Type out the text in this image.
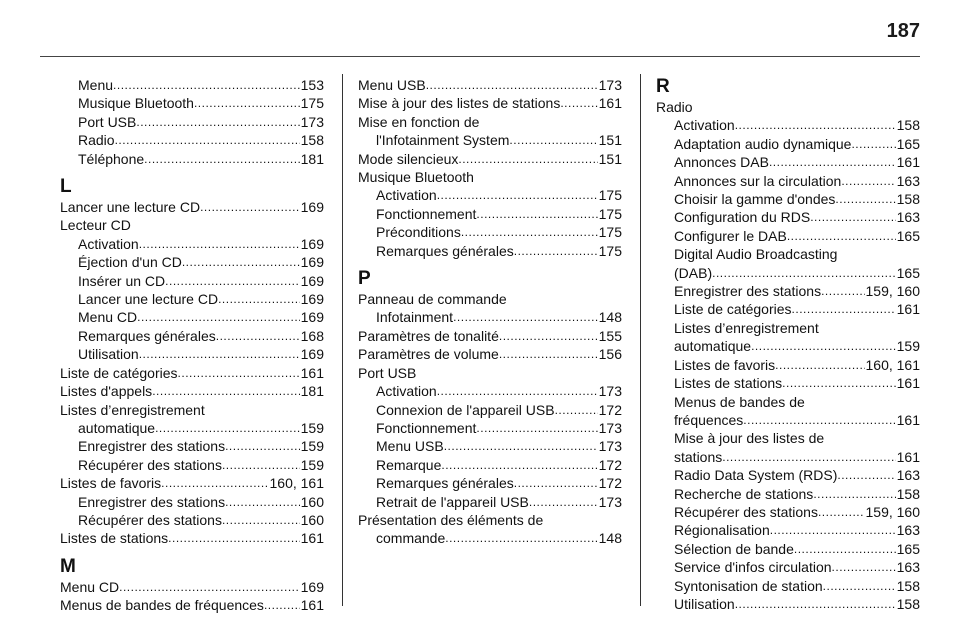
187
Menu .....	153
Musique Bluetooth .....	175
Port USB .....	173
Radio .....	158
Téléphone .....	181
L
Lancer une lecture CD .....	169
Lecteur CD
Activation .....	169
Éjection d'un CD .....	169
Insérer un CD .....	169
Lancer une lecture CD .....	169
Menu CD .....	169
Remarques générales .....	168
Utilisation .....	169
Liste de catégories .....	161
Listes d'appels .....	181
Listes d’enregistrement
automatique .....	159
Enregistrer des stations .....	159
Récupérer des stations .....	159
Listes de favoris .....	160, 161
Enregistrer des stations .....	160
Récupérer des stations .....	160
Listes de stations .....	161
M
Menu CD .....	169
Menus de bandes de fréquences .....	161
Menu USB .....	173
Mise à jour des listes de stations .....	161
Mise en fonction de
l'Infotainment System .....	151
Mode silencieux .....	151
Musique Bluetooth
Activation .....	175
Fonctionnement .....	175
Préconditions .....	175
Remarques générales .....	175
P
Panneau de commande
Infotainment .....	148
Paramètres de tonalité .....	155
Paramètres de volume .....	156
Port USB
Activation .....	173
Connexion de l'appareil USB .....	172
Fonctionnement .....	173
Menu USB .....	173
Remarque .....	172
Remarques générales .....	172
Retrait de l'appareil USB .....	173
Présentation des éléments de
commande .....	148
R
Radio
Activation .....	158
Adaptation audio dynamique .....	165
Annonces DAB .....	161
Annonces sur la circulation .....	163
Choisir la gamme d'ondes .....	158
Configuration du RDS .....	163
Configurer le DAB .....	165
Digital Audio Broadcasting
(DAB) .....	165
Enregistrer des stations .....	159, 160
Liste de catégories .....	161
Listes d’enregistrement
automatique .....	159
Listes de favoris .....	160, 161
Listes de stations .....	161
Menus de bandes de
fréquences .....	161
Mise à jour des listes de
stations .....	161
Radio Data System (RDS) .....	163
Recherche de stations .....	158
Récupérer des stations .....	159, 160
Régionalisation .....	163
Sélection de bande .....	165
Service d'infos circulation .....	163
Syntonisation de station .....	158
Utilisation .....	158
